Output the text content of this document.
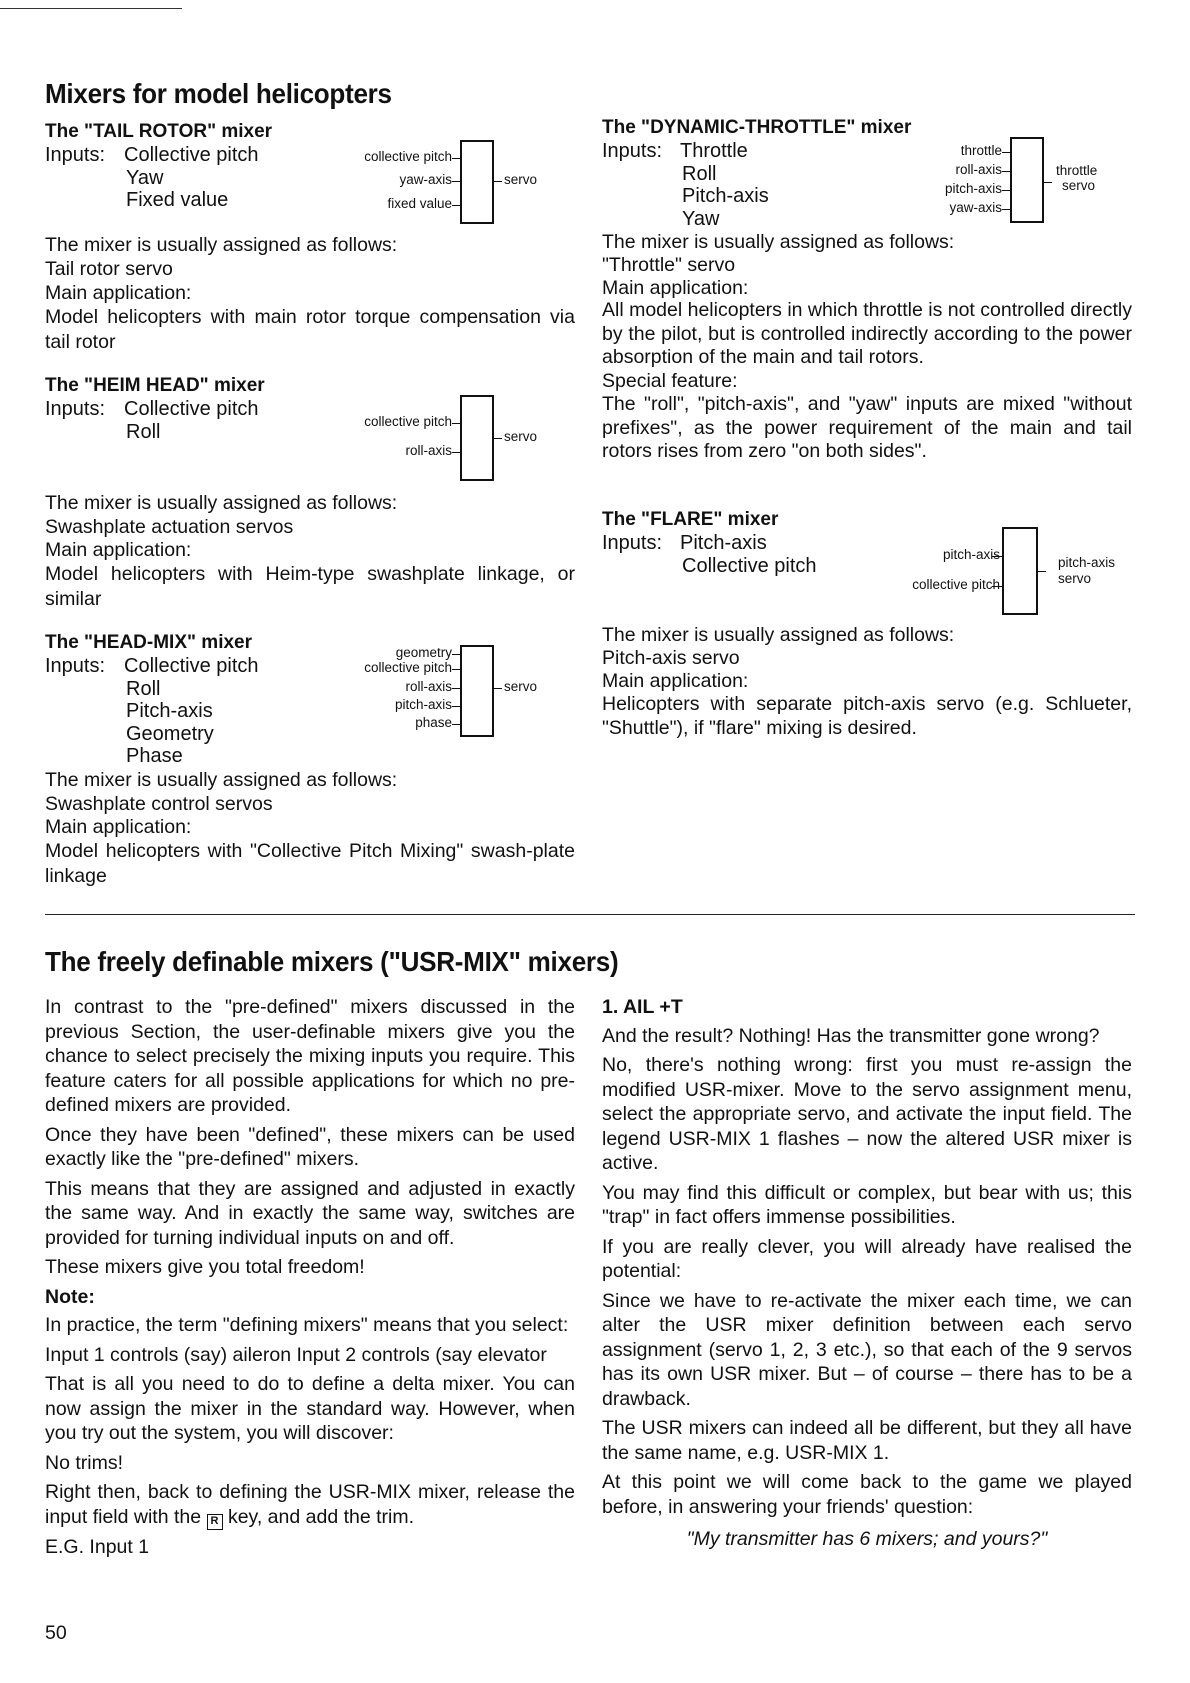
Mixers for model helicopters
The "TAIL ROTOR" mixer
Inputs: Collective pitch
Yaw
Fixed value
collective pitch
yaw-axis
fixed value
servo
The mixer is usually assigned as follows:
Tail rotor servo
Main application:
Model helicopters with main rotor torque compensation via tail rotor
The "HEIM HEAD" mixer
Inputs: Collective pitch
Roll	collective pitch
roll-axis
servo
The mixer is usually assigned as follows:
Swashplate actuation servos
Main application:
Model helicopters with Heim-type swashplate linkage, or similar
The "HEAD-MIX" mixer
Inputs: Collective pitch
Roll
Pitch-axis
Geometry
Phase
geometry
collective pitch
roll-axis
pitch-axis
phase
servo
The mixer is usually assigned as follows:
Swashplate control servos
Main application:
Model helicopters with "Collective Pitch Mixing" swash-plate linkage
The "DYNAMIC-THROTTLE" mixer
Inputs: Throttle
Roll
Pitch-axis
Yaw
throttle
roll-axis
pitch-axis
yaw-axis
throttle
servo
The mixer is usually assigned as follows:
"Throttle" servo
Main application:
All model helicopters in which throttle is not controlled directly by the pilot, but is controlled indirectly according to the power absorption of the main and tail rotors.
Special feature:
The "roll", "pitch-axis", and "yaw" inputs are mixed "without prefixes", as the power requirement of the main and tail rotors rises from zero "on both sides".
The "FLARE" mixer
Inputs: Pitch-axis
Collective pitch	pitch-axis
collective pitch
pitch-axis
servo
The mixer is usually assigned as follows:
Pitch-axis servo
Main application:
Helicopters with separate pitch-axis servo (e.g. Schlueter, "Shuttle"), if "flare" mixing is desired.
The freely definable mixers ("USR-MIX" mixers)

In contrast to the "pre-defined" mixers discussed in the previous Section, the user-definable mixers give you the chance to select precisely the mixing inputs you require. This feature caters for all possible applications for which no pre-defined mixers are provided.

Once they have been "defined", these mixers can be used exactly like the "pre-defined" mixers.

This means that they are assigned and adjusted in exactly the same way. And in exactly the same way, switches are provided for turning individual inputs on and off.

These mixers give you total freedom!

Note:

In practice, the term "defining mixers" means that you select:

Input 1 controls (say) aileron Input 2 controls (say elevator

That is all you need to do to define a delta mixer. You can now assign the mixer in the standard way. However, when you try out the system, you will discover:

No trims!

Right then, back to defining the USR-MIX mixer, release the input field with the R key, and add the trim.

E.G. Input 1

1. AIL +T

And the result? Nothing! Has the transmitter gone wrong?

No, there's nothing wrong: first you must re-assign the modified USR-mixer. Move to the servo assignment menu, select the appropriate servo, and activate the input field. The legend USR-MIX 1 flashes – now the altered USR mixer is active.

You may find this difficult or complex, but bear with us; this "trap" in fact offers immense possibilities.

If you are really clever, you will already have realised the potential:

Since we have to re-activate the mixer each time, we can alter the USR mixer definition between each servo assignment (servo 1, 2, 3 etc.), so that each of the 9 servos has its own USR mixer. But – of course – there has to be a drawback.

The USR mixers can indeed all be different, but they all have the same name, e.g. USR-MIX 1.

At this point we will come back to the game we played before, in answering your friends' question:

"My transmitter has 6 mixers; and yours?"

50
